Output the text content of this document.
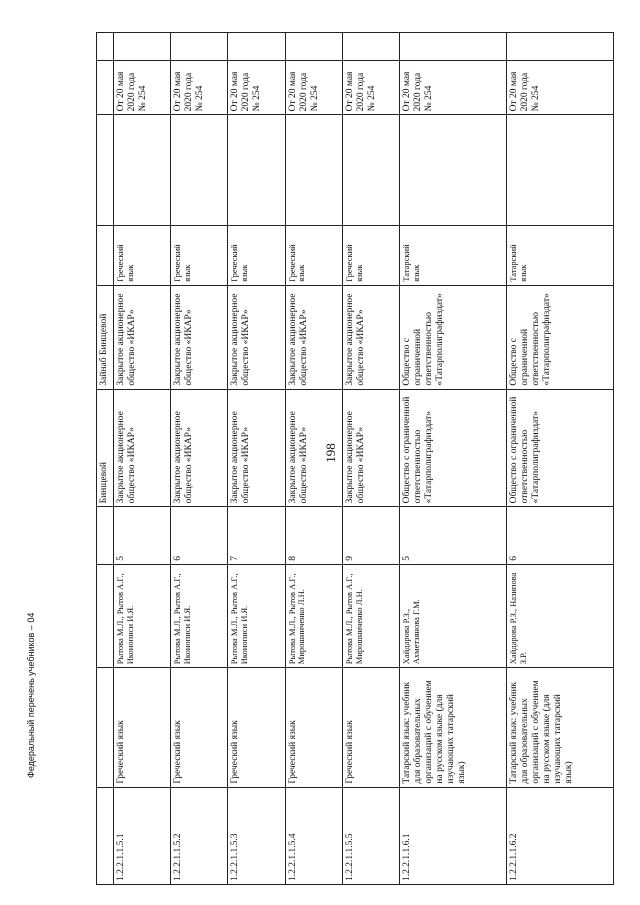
198
Федеральный перечень учебников – 04
				Бинщевой	Зайнаб Бинщевой				
1.2.2.1.1.5.1	Греческий язык	Рытова М.Л., Рытов А.Г., Иконописи И.Я.	5	Закрытое акционерное общество «ИКАР»	Закрытое акционерное общество «ИКАР»	Греческий язык		От 20 мая 2020 года № 254	
1.2.2.1.1.5.2	Греческий язык	Рытова М.Л., Рытов А.Г., Иконописи И.Я.	6	Закрытое акционерное общество «ИКАР»	Закрытое акционерное общество «ИКАР»	Греческий язык		От 20 мая 2020 года № 254	
1.2.2.1.1.5.3	Греческий язык	Рытова М.Л., Рытов А.Г., Иконописи И.Я.	7	Закрытое акционерное общество «ИКАР»	Закрытое акционерное общество «ИКАР»	Греческий язык		От 20 мая 2020 года № 254	
1.2.2.1.1.5.4	Греческий язык	Рытова М.Л., Рытов А.Г., Мирошниченко Л.Н.	8	Закрытое акционерное общество «ИКАР»	Закрытое акционерное общество «ИКАР»	Греческий язык		От 20 мая 2020 года № 254	
1.2.2.1.1.5.5	Греческий язык	Рытова М.Л., Рытов А.Г., Мирошниченко Л.Н.	9	Закрытое акционерное общество «ИКАР»	Закрытое акционерное общество «ИКАР»	Греческий язык		От 20 мая 2020 года № 254	
1.2.2.1.1.6.1	Татарский язык: учебник для образовательных организаций с обучением на русском языке (для изучающих татарский язык)	Хайдарова Р.З., Ахметзянова Г.М.	5	Общество с ограниченной ответственностью «Татарполиграфиздат»	Общество с ограниченной ответственностью «Татарполиграфиздат»	Татарский язык		От 20 мая 2020 года № 254	
1.2.2.1.1.6.2	Татарский язык: учебник для образовательных организаций с обучением на русском языке (для изучающих татарский язык)	Хайдарова Р.З., Назипова З.Р.	6	Общество с ограниченной ответственностью «Татарполиграфиздат»	Общество с ограниченной ответственностью «Татарполиграфиздат»	Татарский язык		От 20 мая 2020 года № 254	
